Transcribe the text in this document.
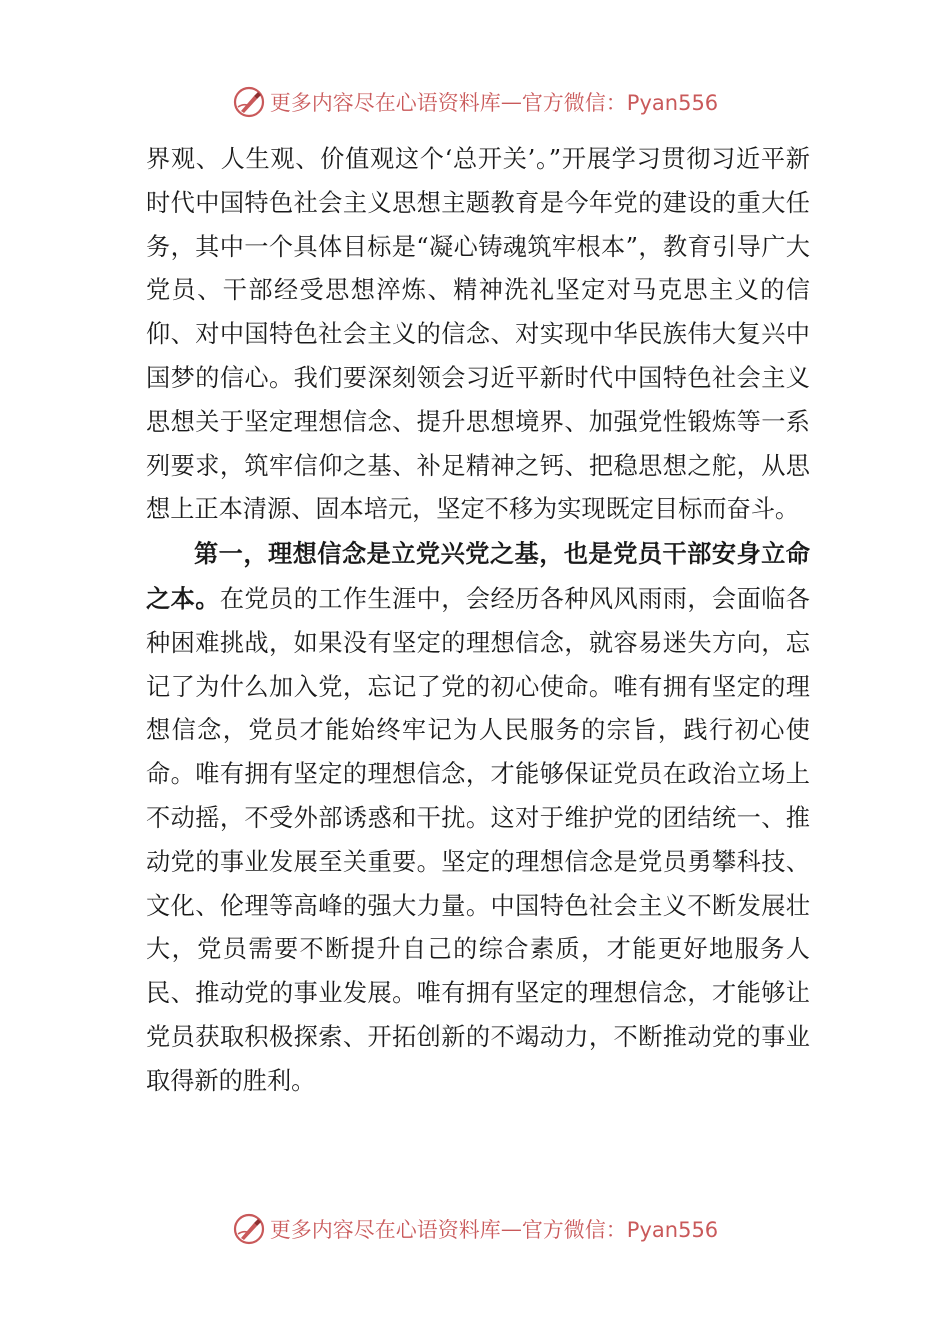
更多内容尽在心语资料库 — 官方微信：Pyan556

界观、人生观、价值观这个‘总开关’。”开展学习贯彻习近平新时代中国特色社会主义思想主题教育是今年党的建设的重大任务，其中一个具体目标是“凝心铸魂筑牢根本”，教育引导广大党员、干部经受思想淬炼、精神洗礼坚定对马克思主义的信仰、对中国特色社会主义的信念、对实现中华民族伟大复兴中国梦的信心。我们要深刻领会习近平新时代中国特色社会主义思想关于坚定理想信念、提升思想境界、加强党性锻炼等一系列要求，筑牢信仰之基、补足精神之钙、把稳思想之舵，从思想上正本清源、固本培元，坚定不移为实现既定目标而奋斗。

第一，理想信念是立党兴党之基，也是党员干部安身立命之本。在党员的工作生涯中，会经历各种风风雨雨，会面临各种困难挑战，如果没有坚定的理想信念，就容易迷失方向，忘记了为什么加入党，忘记了党的初心使命。唯有拥有坚定的理想信念，党员才能始终牢记为人民服务的宗旨，践行初心使命。唯有拥有坚定的理想信念，才能够保证党员在政治立场上不动摇，不受外部诱惑和干扰。这对于维护党的团结统一、推动党的事业发展至关重要。坚定的理想信念是党员勇攀科技、文化、伦理等高峰的强大力量。中国特色社会主义不断发展壮大，党员需要不断提升自己的综合素质，才能更好地服务人民、推动党的事业发展。唯有拥有坚定的理想信念，才能够让党员获取积极探索、开拓创新的不竭动力，不断推动党的事业取得新的胜利。

更多内容尽在心语资料库 — 官方微信：Pyan556
